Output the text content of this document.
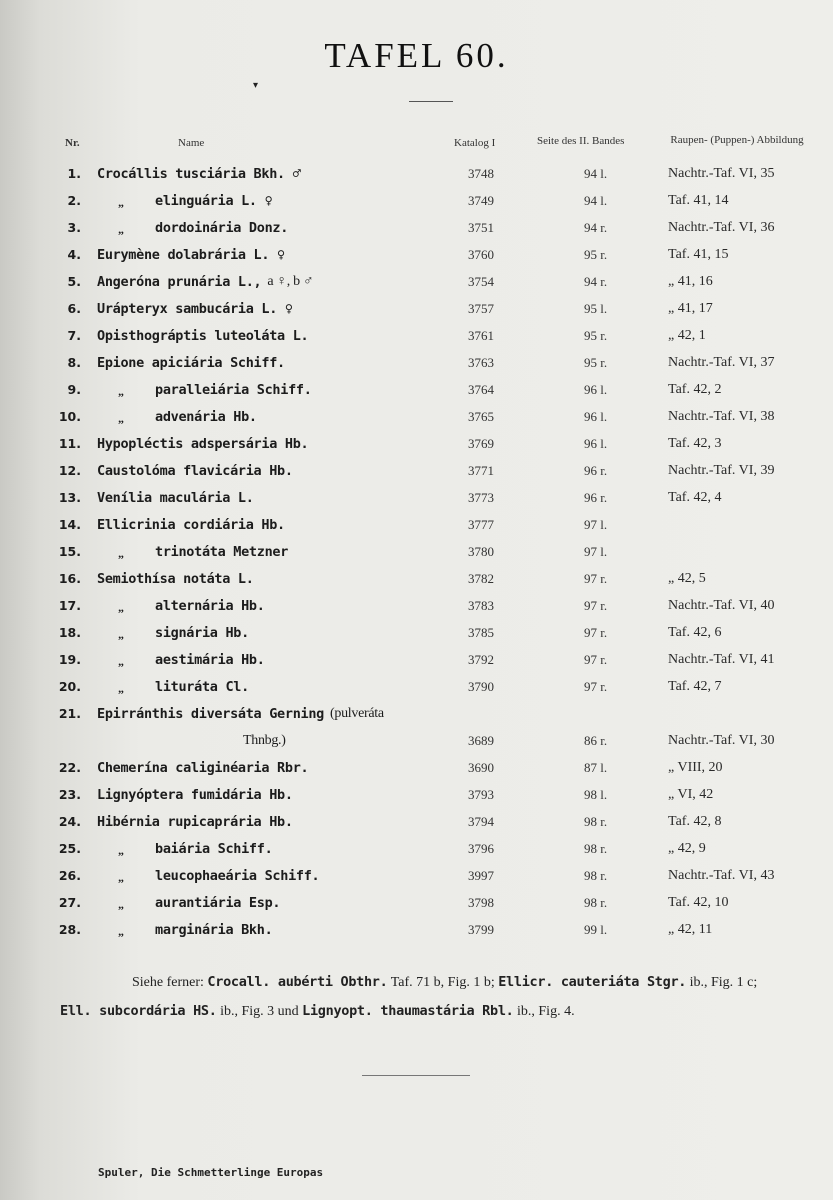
TAFEL 60.
▾
Nr.	Name	Katalog I	Seite des II. Bandes	Raupen- (Puppen-) Abbildung
1. Crocállis tusciária Bkh. ♂	3748	94 l.	Nachtr.-Taf. VI, 35
2.	„ elinguária L. ♀	3749	94 l.	Taf. 41, 14
3.	„ dordoinária Donz.	3751	94 r.	Nachtr.-Taf. VI, 36
4. Eurymène dolabrária L. ♀	3760	95 r.	Taf. 41, 15
5. Angeróna prunária L., a ♀, b ♂	3754	94 r.	„ 41, 16
6. Urápteryx sambucária L. ♀	3757	95 l.	„ 41, 17
7. Opisthográptis luteoláta L.	3761	95 r.	„ 42, 1
8. Epione apiciária Schiff.	3763	95 r.	Nachtr.-Taf. VI, 37
9.	„ paralleiária Schiff.	3764	96 l.	Taf. 42, 2
10.	„ advenária Hb.	3765	96 l.	Nachtr.-Taf. VI, 38
11. Hypopléctis adspersária Hb.	3769	96 l.	Taf. 42, 3
12. Caustolóma flavicária Hb.	3771	96 r.	Nachtr.-Taf. VI, 39
13. Venília maculária L.	3773	96 r.	Taf. 42, 4
14. Ellicrinia cordiária Hb.	3777	97 l.
15.	„ trinotáta Metzner	3780	97 l.
16. Semiothísa notáta L.	3782	97 r.	„ 42, 5
17.	„ alternária Hb.	3783	97 r.	Nachtr.-Taf. VI, 40
18.	„ signária Hb.	3785	97 r.	Taf. 42, 6
19.	„ aestimária Hb.	3792	97 r.	Nachtr.-Taf. VI, 41
20.	„ lituráta Cl.	3790	97 r.	Taf. 42, 7
21. Epirránthis diversáta Gerning (pulveráta
Thnbg.)	3689	86 r.	Nachtr.-Taf. VI, 30
22. Chemerína caliginéaria Rbr.	3690	87 l.	„ VIII, 20
23. Lignyóptera fumidária Hb.	3793	98 l.	„ VI, 42
24. Hibérnia rupicaprária Hb.	3794	98 r.	Taf. 42, 8
25.	„ baiária Schiff.	3796	98 r.	„ 42, 9
26.	„ leucophaeária Schiff.	3997	98 r.	Nachtr.-Taf. VI, 43
27.	„ aurantiária Esp.	3798	98 r.	Taf. 42, 10
28.	„ marginária Bkh.	3799	99 l.	„ 42, 11
Siehe ferner: Crocall. aubérti Obthr. Taf. 71 b, Fig. 1 b; Ellicr. cauteriáta Stgr. ib., Fig. 1 c;
Ell. subcordária HS. ib., Fig. 3 und Lignyopt. thaumastária Rbl. ib., Fig. 4.
Spuler, Die Schmetterlinge Europas
